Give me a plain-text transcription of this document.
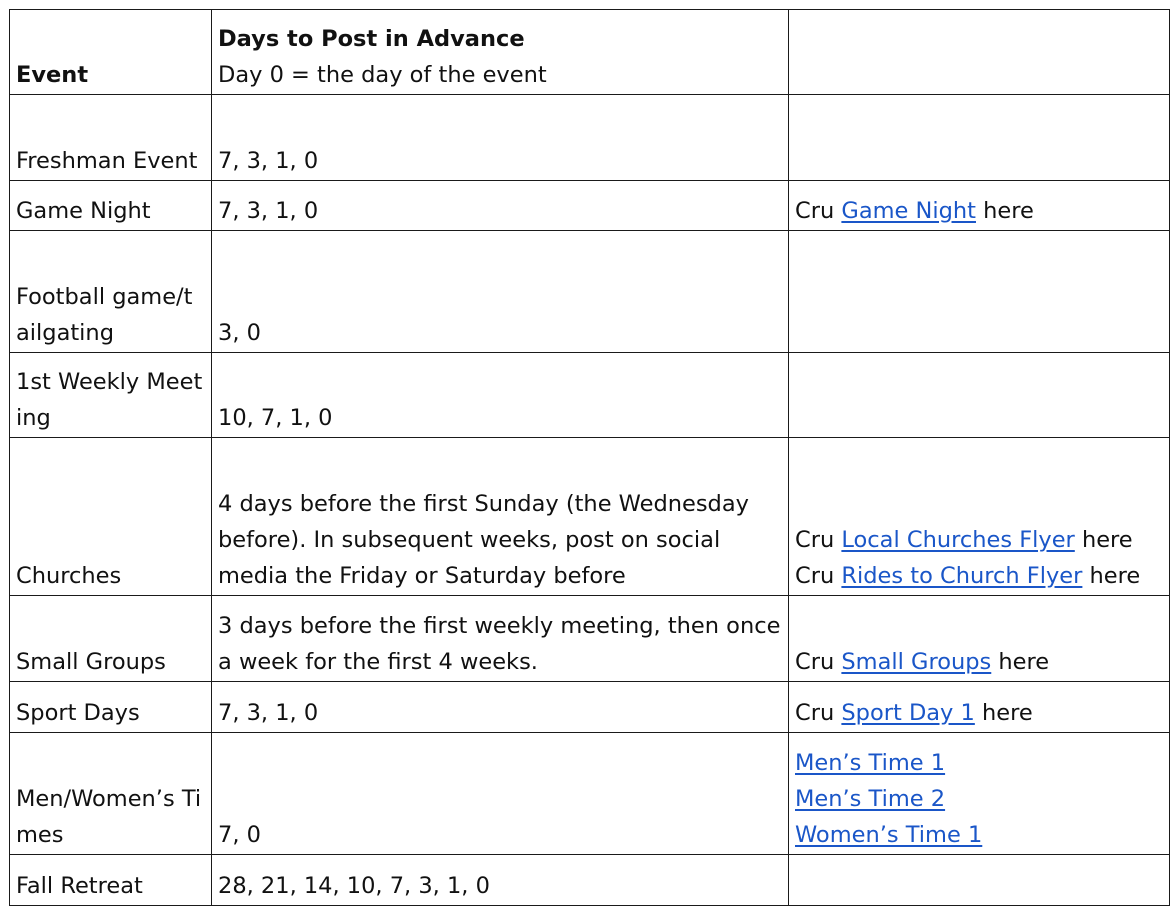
Event	Days to Post in Advance
Day 0 = the day of the event	

Freshman Event	7, 3, 1, 0	
Game Night	7, 3, 1, 0	Cru Game Night here
Football game/tailgating	3, 0	
1st Weekly Meeting	10, 7, 1, 0	
Churches	4 days before the first Sunday (the Wednesday before). In subsequent weeks, post on social media the Friday or Saturday before	Cru Local Churches Flyer here Cru Rides to Church Flyer here
Small Groups	3 days before the first weekly meeting, then once a week for the first 4 weeks.	Cru Small Groups here
Sport Days	7, 3, 1, 0	Cru Sport Day 1 here
Men/Women’s Times	7, 0	Men’s Time 1
Men’s Time 2
Women’s Time 1

Fall Retreat	28, 21, 14, 10, 7, 3, 1, 0	
